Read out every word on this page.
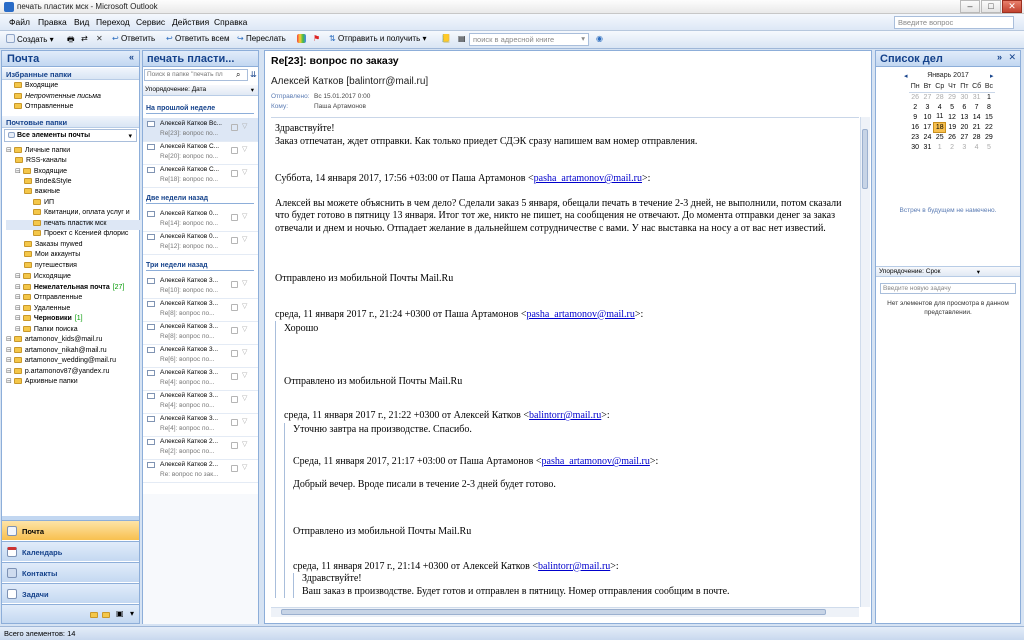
печать пластик мск - Microsoft Outlook	–	□	✕
Файл Правка Вид Переход Сервис Действия Справка	Введите вопрос
Создать ▾ 🖶 ⇄ ✕ ↩ Ответить ↩ Ответить всем ↪ Переслать	⚑ ⇅ Отправить и получить ▾ 📒 ▤	◉
поиск в адресной книге	▾
Почта	«
Избранные папки
Входящие
Непрочтенные письма
Отправленные
Почтовые папки
Все элементы почты	▾
⊟ Личные папки
RSS-каналы
⊟ Входящие
Bride&Style
важные
ИП
Квитанции, оплата услуг и
печать пластик мск
Проект с Ксенией флорис
Заказы mywed
Мои аккаунты
путешествия
⊟ Исходящие
⊟ Нежелательная почта [27]
⊟ Отправленные
⊟ Удаленные
⊟ Черновики [1]
⊟ Папки поиска
⊟ artamonov_kids@mail.ru
⊟ artamonov_nikah@mail.ru
⊟ artamonov_wedding@mail.ru
⊟ p.artamonov87@yandex.ru
⊟ Архивные папки
Почта
Календарь
Контакты
Задачи
▣ ▾
печать пласти...
Поиск в папке "печать пл	⌕ ⇊
Упорядочение: Дата	▾
На прошлой неделе
Алексей Катков Вс...
Re[23]: вопрос по...
▽
Алексей Катков С...
Re[20]: вопрос по...
▽
Алексей Катков С...
Re[18]: вопрос по...
▽
Две недели назад
Алексей Катков 0...
Re[14]: вопрос по...
▽
Алексей Катков 0...
Re[12]: вопрос по...
▽
Три недели назад
Алексей Катков 3...
Re[10]: вопрос по...
▽
Алексей Катков 3...
Re[8]: вопрос по...
▽
Алексей Катков 3...
Re[8]: вопрос по...
▽
Алексей Катков 3...
Re[6]: вопрос по...
▽
Алексей Катков 3...
Re[4]: вопрос по...
▽
Алексей Катков 3...
Re[4]: вопрос по...
▽
Алексей Катков 3...
Re[4]: вопрос по...
▽
Алексей Катков 2...
Re[2]: вопрос по...
▽
Алексей Катков 2...
Re: вопрос по зак...
▽
Re[23]: вопрос по заказу
Алексей Катков [balintorr@mail.ru]
Отправлено: Вс 15.01.2017 0:00
Кому:	Паша Артамонов
Здравствуйте!
Заказ отпечатан, ждет отправки. Как только приедет СДЭК сразу напишем вам номер отправления.
Суббота, 14 января 2017, 17:56 +03:00 от Паша Артамонов <pasha_artamonov@mail.ru>:
Алексей вы можете объяснить в чем дело? Сделали заказ 5 января, обещали печать в течение 2-3 дней, не выполнили, потом сказали что будет готово в пятницу 13 января. Итог тот же, никто не пишет, на сообщения не отвечают. До момента отправки денег за заказ отвечали и днем и ночью. Отпадает желание в дальнейшем сотрудничестве с вами. У нас выставка на носу а от вас нет известий.
Отправлено из мобильной Почты Mail.Ru
среда, 11 января 2017 г., 21:24 +0300 от Паша Артамонов <pasha_artamonov@mail.ru>:
Хорошо
Отправлено из мобильной Почты Mail.Ru
среда, 11 января 2017 г., 21:22 +0300 от Алексей Катков <balintorr@mail.ru>:
Уточню завтра на производстве. Спасибо.
Среда, 11 января 2017, 21:17 +03:00 от Паша Артамонов <pasha_artamonov@mail.ru>:
Добрый вечер. Вроде писали в течение 2-3 дней будет готово.
Отправлено из мобильной Почты Mail.Ru
среда, 11 января 2017 г., 21:14 +0300 от Алексей Катков <balintorr@mail.ru>:
Здравствуйте!
Ваш заказ в производстве. Будет готов и отправлен в пятницу. Номер отправления сообщим в почте.
Список дел	» ✕
◂	Январь 2017	▸
Пн	Вт	Ср	Чт	Пт	Сб	Вс
26	27	28	29	30	31	1
2	3	4	5	6	7	8
9	10	11	12	13	14	15
16	17	18	19	20	21	22
23	24	25	26	27	28	29
30	31	1	2	3	4	5
Встреч в будущем не намечено.
Упорядочение: Срок	▾
Введите новую задачу
Нет элементов для просмотра в данном представлении.
Всего элементов: 14
